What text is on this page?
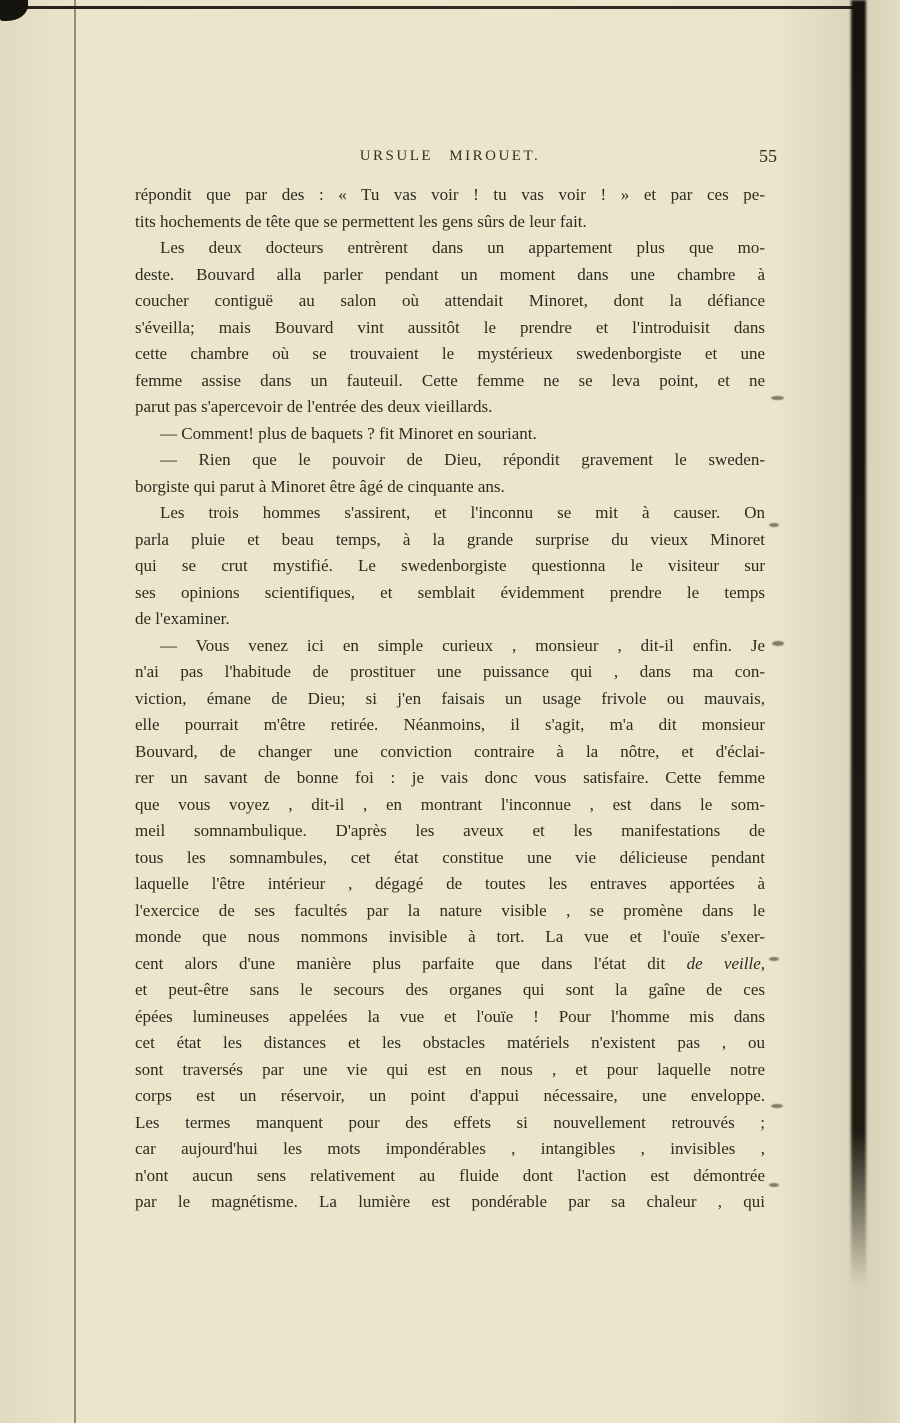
URSULE MIROUET.	55
répondit que par des : « Tu vas voir ! tu vas voir ! » et par ces pe-
tits hochements de tête que se permettent les gens sûrs de leur fait.
Les deux docteurs entrèrent dans un appartement plus que mo-
deste. Bouvard alla parler pendant un moment dans une chambre à
coucher contiguë au salon où attendait Minoret, dont la défiance
s'éveilla; mais Bouvard vint aussitôt le prendre et l'introduisit dans
cette chambre où se trouvaient le mystérieux swedenborgiste et une
femme assise dans un fauteuil. Cette femme ne se leva point, et ne
parut pas s'apercevoir de l'entrée des deux vieillards.
— Comment! plus de baquets ? fit Minoret en souriant.
— Rien que le pouvoir de Dieu, répondit gravement le sweden-
borgiste qui parut à Minoret être âgé de cinquante ans.
Les trois hommes s'assirent, et l'inconnu se mit à causer. On
parla pluie et beau temps, à la grande surprise du vieux Minoret
qui se crut mystifié. Le swedenborgiste questionna le visiteur sur
ses opinions scientifiques, et semblait évidemment prendre le temps
de l'examiner.
— Vous venez ici en simple curieux , monsieur , dit-il enfin. Je
n'ai pas l'habitude de prostituer une puissance qui , dans ma con-
viction, émane de Dieu; si j'en faisais un usage frivole ou mauvais,
elle pourrait m'être retirée. Néanmoins, il s'agit, m'a dit monsieur
Bouvard, de changer une conviction contraire à la nôtre, et d'éclai-
rer un savant de bonne foi : je vais donc vous satisfaire. Cette femme
que vous voyez , dit-il , en montrant l'inconnue , est dans le som-
meil somnambulique. D'après les aveux et les manifestations de
tous les somnambules, cet état constitue une vie délicieuse pendant
laquelle l'être intérieur , dégagé de toutes les entraves apportées à
l'exercice de ses facultés par la nature visible , se promène dans le
monde que nous nommons invisible à tort. La vue et l'ouïe s'exer-
cent alors d'une manière plus parfaite que dans l'état dit de veille,
et peut-être sans le secours des organes qui sont la gaîne de ces
épées lumineuses appelées la vue et l'ouïe ! Pour l'homme mis dans
cet état les distances et les obstacles matériels n'existent pas , ou
sont traversés par une vie qui est en nous , et pour laquelle notre
corps est un réservoir, un point d'appui nécessaire, une enveloppe.
Les termes manquent pour des effets si nouvellement retrouvés ;
car aujourd'hui les mots impondérables , intangibles , invisibles ,
n'ont aucun sens relativement au fluide dont l'action est démontrée
par le magnétisme. La lumière est pondérable par sa chaleur , qui
